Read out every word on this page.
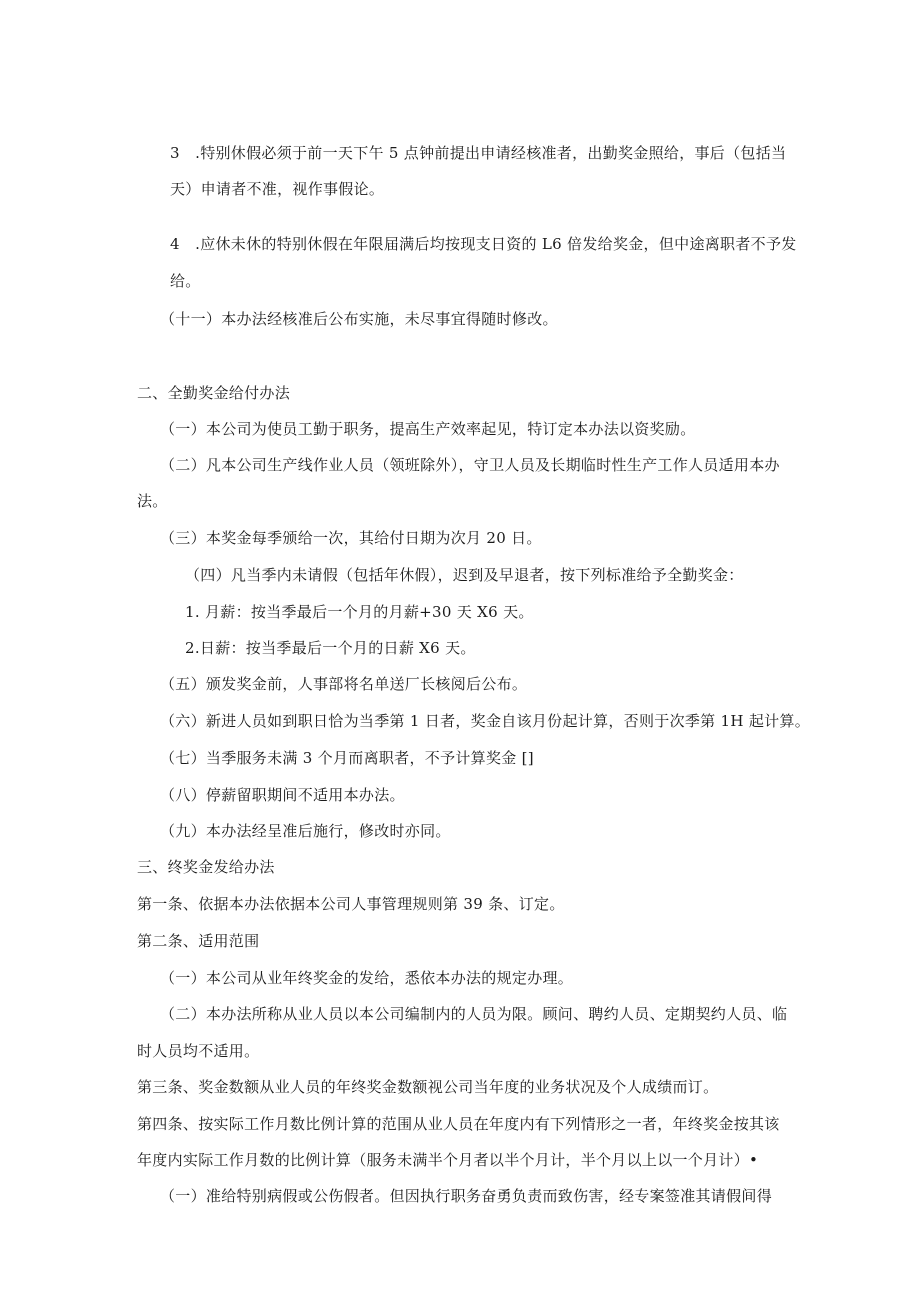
3　.特别休假必须于前一天下午 5 点钟前提出申请经核准者，出勤奖金照给，事后（包括当

天）申请者不准，视作事假论。

4　.应休未休的特别休假在年限届满后均按现支日资的 L6 倍发给奖金，但中途离职者不予发

给。

（十一）本办法经核准后公布实施，未尽事宜得随时修改。

二、全勤奖金给付办法

（一）本公司为使员工勤于职务，提高生产效率起见，特订定本办法以资奖励。

（二）凡本公司生产线作业人员（领班除外），守卫人员及长期临时性生产工作人员适用本办

法。

（三）本奖金每季颁给一次，其给付日期为次月 20 日。

（四）凡当季内未请假（包括年休假），迟到及早退者，按下列标准给予全勤奖金：

1. 月薪：按当季最后一个月的月薪+30 天 X6 天。

2.日薪：按当季最后一个月的日薪 X6 天。

（五）颁发奖金前，人事部将名单送厂长核阅后公布。

（六）新进人员如到职日恰为当季第 1 日者，奖金自该月份起计算，否则于次季第 1H 起计算。

（七）当季服务未满 3 个月而离职者，不予计算奖金 []

（八）停薪留职期间不适用本办法。

（九）本办法经呈准后施行，修改时亦同。

三、终奖金发给办法

第一条、依据本办法依据本公司人事管理规则第 39 条、订定。

第二条、适用范围

（一）本公司从业年终奖金的发给，悉依本办法的规定办理。

（二）本办法所称从业人员以本公司编制内的人员为限。顾问、聘约人员、定期契约人员、临

时人员均不适用。

第三条、奖金数额从业人员的年终奖金数额视公司当年度的业务状况及个人成绩而订。

第四条、按实际工作月数比例计算的范围从业人员在年度内有下列情形之一者，年终奖金按其该

年度内实际工作月数的比例计算（服务未满半个月者以半个月计，半个月以上以一个月计）•

（一）准给特别病假或公伤假者。但因执行职务奋勇负责而致伤害，经专案签准其请假间得
